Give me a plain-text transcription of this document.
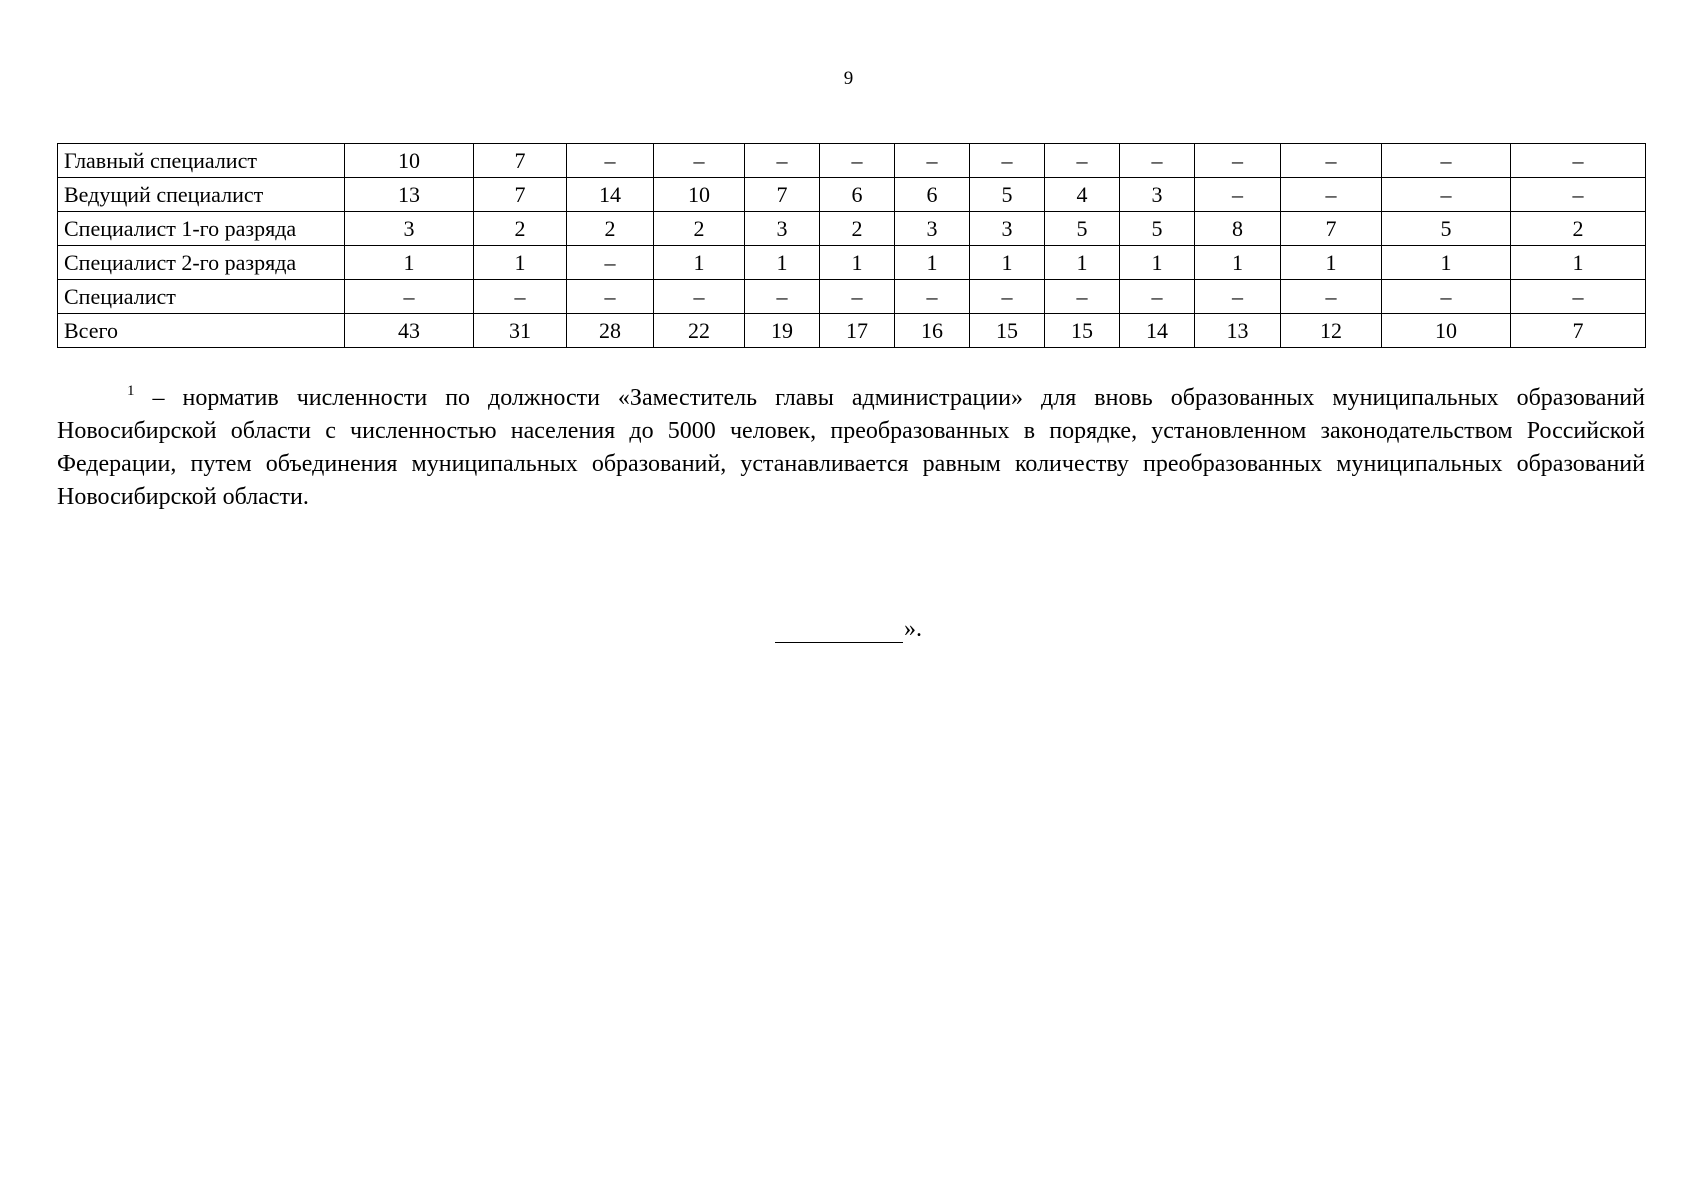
9
Главный специалист	10	7	–	–	–	–	–	–	–	–	–	–	–	–
Ведущий специалист	13	7	14	10	7	6	6	5	4	3	–	–	–	–
Специалист 1-го разряда	3	2	2	2	3	2	3	3	5	5	8	7	5	2
Специалист 2-го разряда	1	1	–	1	1	1	1	1	1	1	1	1	1	1
Специалист	–	–	–	–	–	–	–	–	–	–	–	–	–	–
Всего	43	31	28	22	19	17	16	15	15	14	13	12	10	7

$^1$ – норматив численности по должности «Заместитель главы администрации» для вновь образованных муниципальных образований Новосибирской области с численностью населения до 5000 человек, преобразованных в порядке, установленном законодательством Российской Федерации, путем объединения муниципальных образований, устанавливается равным количеству преобразованных муниципальных образований Новосибирской области.

».
